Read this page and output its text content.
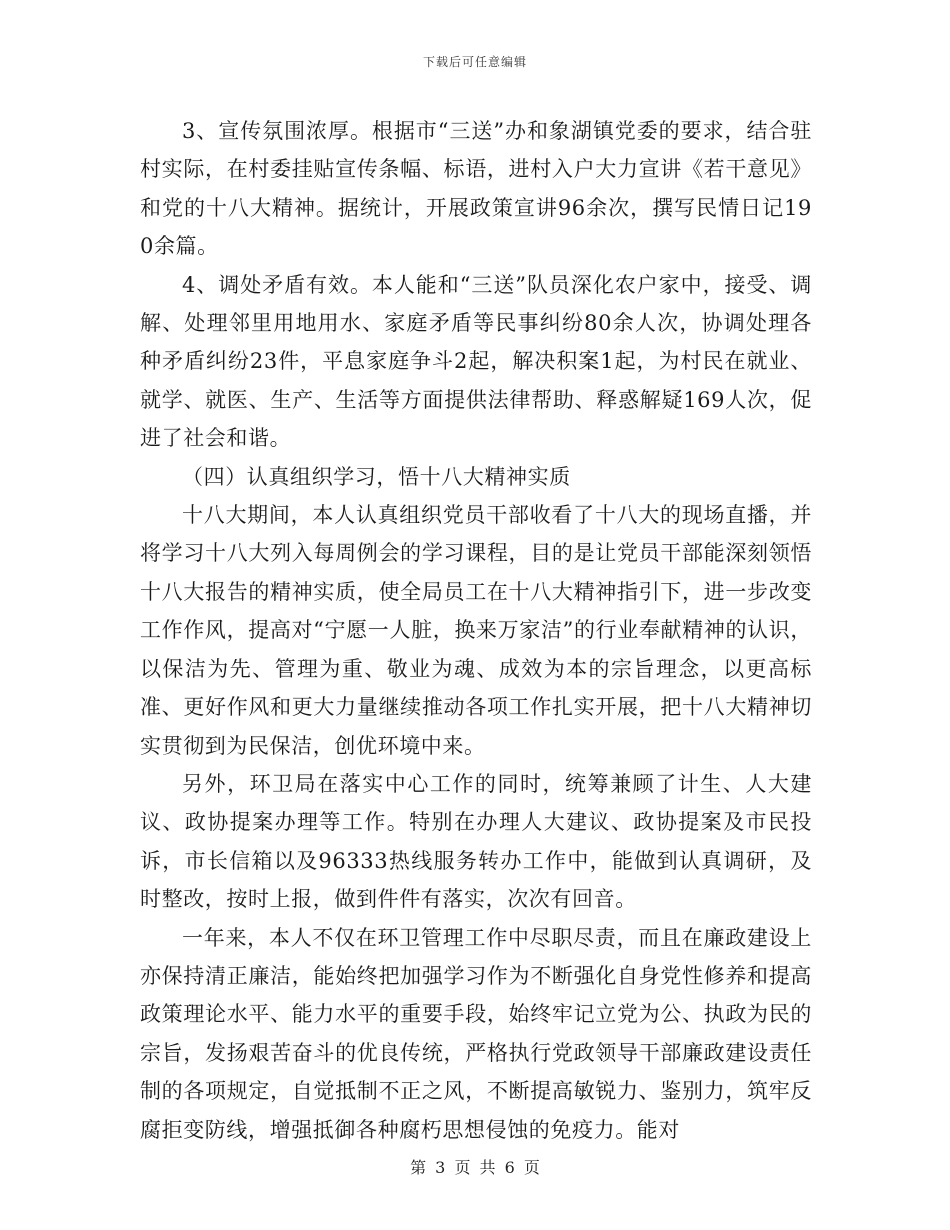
下载后可任意编辑

3、宣传氛围浓厚。根据市“三送”办和象湖镇党委的要求，结合驻村实际，在村委挂贴宣传条幅、标语，进村入户大力宣讲《若干意见》和党的十八大精神。据统计，开展政策宣讲96余次，撰写民情日记190余篇。

4、调处矛盾有效。本人能和“三送”队员深化农户家中，接受、调解、处理邻里用地用水、家庭矛盾等民事纠纷80余人次，协调处理各种矛盾纠纷23件，平息家庭争斗2起，解决积案1起，为村民在就业、就学、就医、生产、生活等方面提供法律帮助、释惑解疑169人次，促进了社会和谐。

（四）认真组织学习，悟十八大精神实质

十八大期间，本人认真组织党员干部收看了十八大的现场直播，并将学习十八大列入每周例会的学习课程，目的是让党员干部能深刻领悟十八大报告的精神实质，使全局员工在十八大精神指引下，进一步改变工作作风，提高对“宁愿一人脏，换来万家洁”的行业奉献精神的认识，以保洁为先、管理为重、敬业为魂、成效为本的宗旨理念，以更高标准、更好作风和更大力量继续推动各项工作扎实开展，把十八大精神切实贯彻到为民保洁，创优环境中来。

另外，环卫局在落实中心工作的同时，统筹兼顾了计生、人大建议、政协提案办理等工作。特别在办理人大建议、政协提案及市民投诉，市长信箱以及96333热线服务转办工作中，能做到认真调研，及时整改，按时上报，做到件件有落实，次次有回音。

一年来，本人不仅在环卫管理工作中尽职尽责，而且在廉政建设上亦保持清正廉洁，能始终把加强学习作为不断强化自身党性修养和提高政策理论水平、能力水平的重要手段，始终牢记立党为公、执政为民的宗旨，发扬艰苦奋斗的优良传统，严格执行党政领导干部廉政建设责任制的各项规定，自觉抵制不正之风，不断提高敏锐力、鉴别力，筑牢反腐拒变防线，增强抵御各种腐朽思想侵蚀的免疫力。能对

第 3 页 共 6 页
